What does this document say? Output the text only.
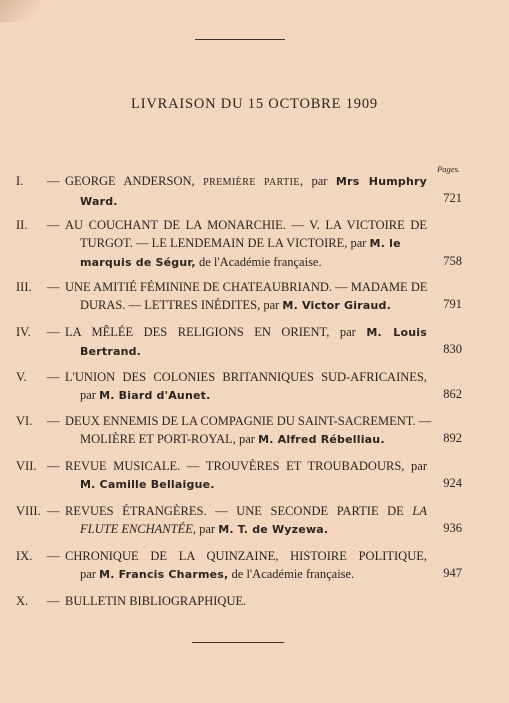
LIVRAISON DU 15 OCTOBRE 1909
Pages.
I. — GEORGE ANDERSON, PREMIÈRE PARTIE, par Mrs Humphry
Ward.	721
II. — AU COUCHANT DE LA MONARCHIE. — V. LA VICTOIRE DE
TURGOT. — LE LENDEMAIN DE LA VICTOIRE, par M. le
marquis de Ségur, de l'Académie française.	758
III. — UNE AMITIÉ FÉMININE DE CHATEAUBRIAND. — MADAME DE
DURAS. — LETTRES INÉDITES, par M. Victor Giraud.	791
IV. — LA MÊLÉE DES RELIGIONS EN ORIENT, par M. Louis
Bertrand.	830
V. — L'UNION DES COLONIES BRITANNIQUES SUD-AFRICAINES,
par M. Biard d'Aunet.	862
VI. — DEUX ENNEMIS DE LA COMPAGNIE DU SAINT-SACREMENT. —
MOLIÈRE ET PORT-ROYAL, par M. Alfred Rébelliau.	892
VII. — REVUE MUSICALE. — TROUVÈRES ET TROUBADOURS, par
M. Camille Bellaigue.	924
VIII. — REVUES ÉTRANGÈRES. — UNE SECONDE PARTIE DE LA
FLUTE ENCHANTÉE, par M. T. de Wyzewa.	936
IX. — CHRONIQUE DE LA QUINZAINE, HISTOIRE POLITIQUE,
par M. Francis Charmes, de l'Académie française.	947
X. — BULLETIN BIBLIOGRAPHIQUE.
